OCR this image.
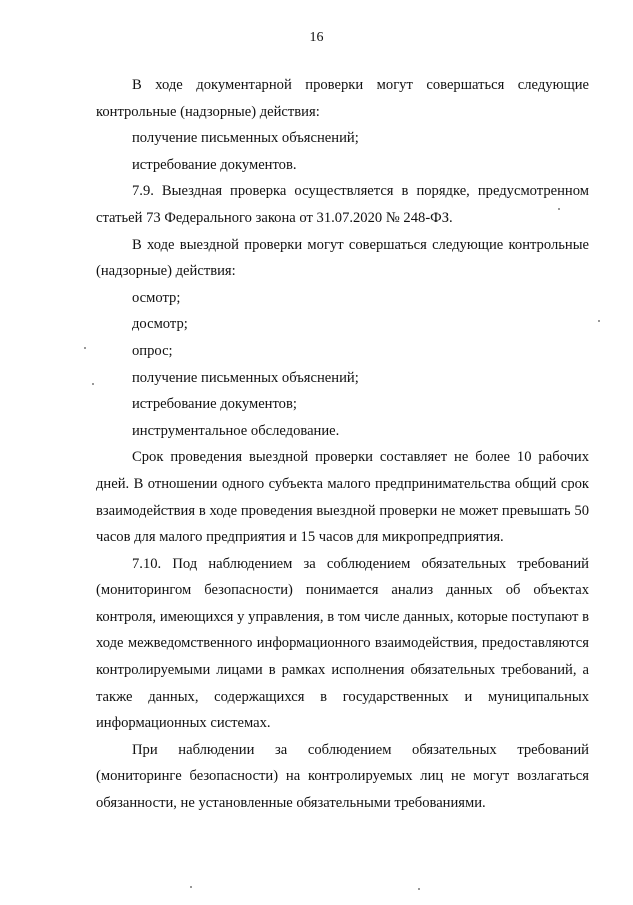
16

В ходе документарной проверки могут совершаться следующие контрольные (надзорные) действия:

получение письменных объяснений;

истребование документов.

7.9. Выездная проверка осуществляется в порядке, предусмотренном статьей 73 Федерального закона от 31.07.2020 № 248-ФЗ.

В ходе выездной проверки могут совершаться следующие контрольные (надзорные) действия:

осмотр;

досмотр;

опрос;

получение письменных объяснений;

истребование документов;

инструментальное обследование.

Срок проведения выездной проверки составляет не более 10 рабочих дней. В отношении одного субъекта малого предпринимательства общий срок взаимодействия в ходе проведения выездной проверки не может превышать 50 часов для малого предприятия и 15 часов для микропредприятия.

7.10. Под наблюдением за соблюдением обязательных требований (мониторингом безопасности) понимается анализ данных об объектах контроля, имеющихся у управления, в том числе данных, которые поступают в ходе межведомственного информационного взаимодействия, предоставляются контролируемыми лицами в рамках исполнения обязательных требований, а также данных, содержащихся в государственных и муниципальных информационных системах.

При наблюдении за соблюдением обязательных требований (мониторинге безопасности) на контролируемых лиц не могут возлагаться обязанности, не установленные обязательными требованиями.
